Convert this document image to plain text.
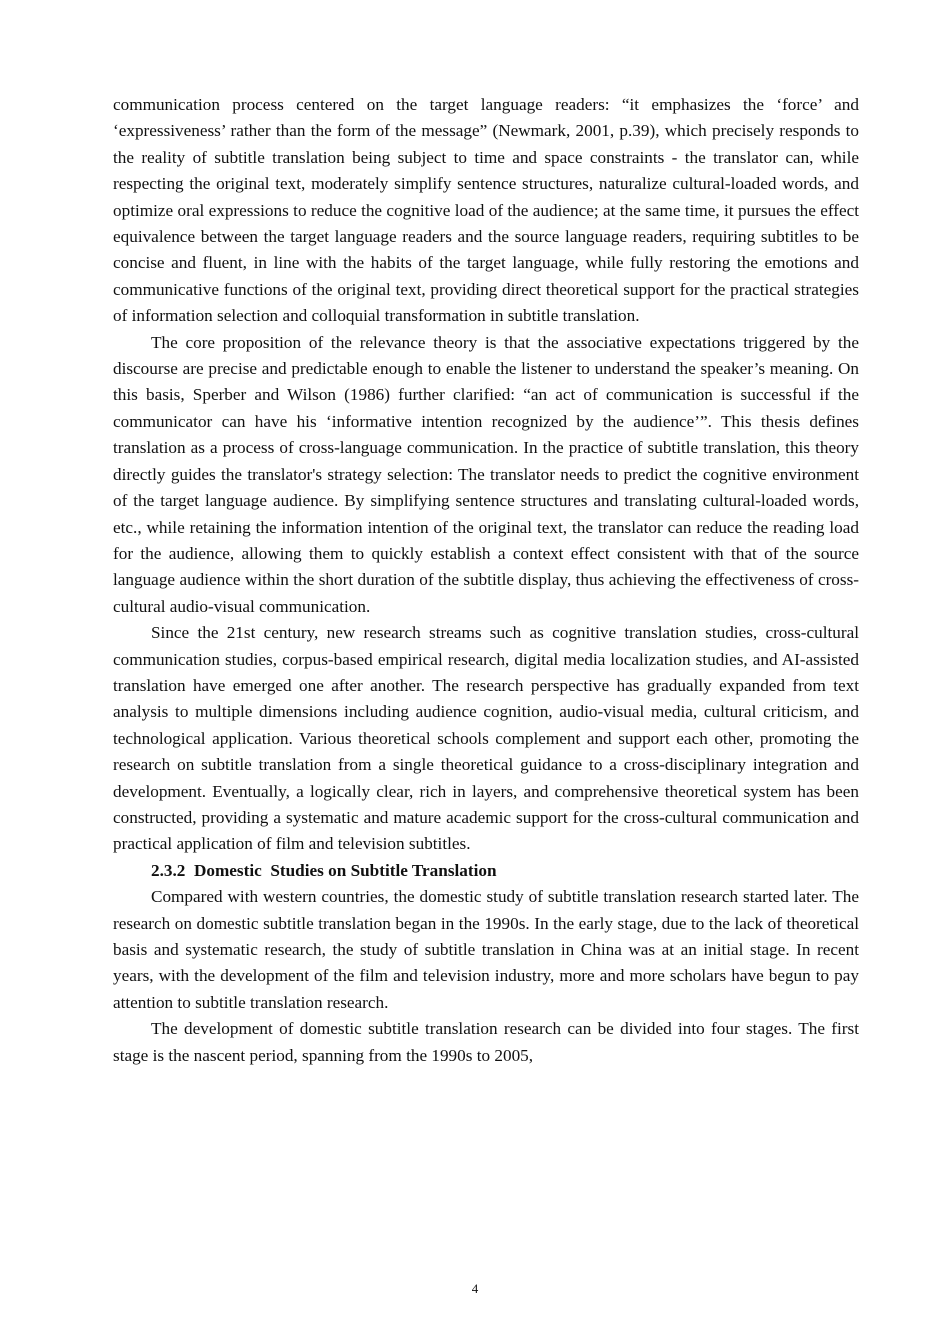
communication process centered on the target language readers: “it emphasizes the ‘force’ and ‘expressiveness’ rather than the form of the message” (Newmark, 2001, p.39), which precisely responds to the reality of subtitle translation being subject to time and space constraints - the translator can, while respecting the original text, moderately simplify sentence structures, naturalize cultural-loaded words, and optimize oral expressions to reduce the cognitive load of the audience; at the same time, it pursues the effect equivalence between the target language readers and the source language readers, requiring subtitles to be concise and fluent, in line with the habits of the target language, while fully restoring the emotions and communicative functions of the original text, providing direct theoretical support for the practical strategies of information selection and colloquial transformation in subtitle translation.

The core proposition of the relevance theory is that the associative expectations triggered by the discourse are precise and predictable enough to enable the listener to understand the speaker’s meaning. On this basis, Sperber and Wilson (1986) further clarified: “an act of communication is successful if the communicator can have his ‘informative intention recognized by the audience’”. This thesis defines translation as a process of cross-language communication. In the practice of subtitle translation, this theory directly guides the translator's strategy selection: The translator needs to predict the cognitive environment of the target language audience. By simplifying sentence structures and translating cultural-loaded words, etc., while retaining the information intention of the original text, the translator can reduce the reading load for the audience, allowing them to quickly establish a context effect consistent with that of the source language audience within the short duration of the subtitle display, thus achieving the effectiveness of cross-cultural audio-visual communication.

Since the 21st century, new research streams such as cognitive translation studies, cross-cultural communication studies, corpus-based empirical research, digital media localization studies, and AI-assisted translation have emerged one after another. The research perspective has gradually expanded from text analysis to multiple dimensions including audience cognition, audio-visual media, cultural criticism, and technological application. Various theoretical schools complement and support each other, promoting the research on subtitle translation from a single theoretical guidance to a cross-disciplinary integration and development. Eventually, a logically clear, rich in layers, and comprehensive theoretical system has been constructed, providing a systematic and mature academic support for the cross-cultural communication and practical application of film and television subtitles.

2.3.2  Domestic  Studies on Subtitle Translation

Compared with western countries, the domestic study of subtitle translation research started later. The research on domestic subtitle translation began in the 1990s. In the early stage, due to the lack of theoretical basis and systematic research, the study of subtitle translation in China was at an initial stage. In recent years, with the development of the film and television industry, more and more scholars have begun to pay attention to subtitle translation research.

The development of domestic subtitle translation research can be divided into four stages. The first stage is the nascent period, spanning from the 1990s to 2005,

4
